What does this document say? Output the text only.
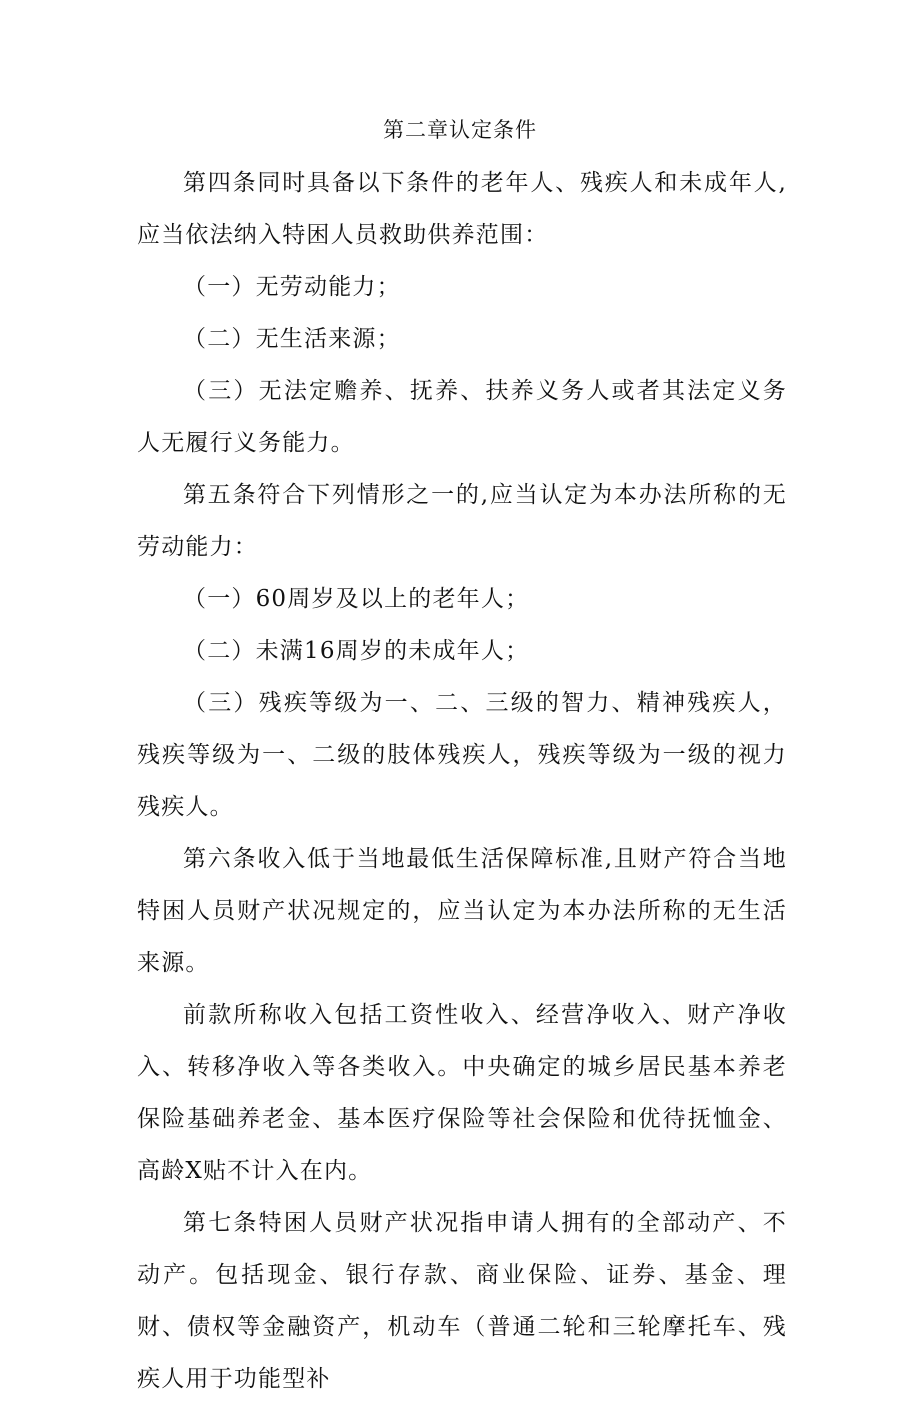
第二章认定条件

第四条同时具备以下条件的老年人、残疾人和未成年人,应当依法纳入特困人员救助供养范围：

（一）无劳动能力；

（二）无生活来源；

（三）无法定赡养、抚养、扶养义务人或者其法定义务人无履行义务能力。

第五条符合下列情形之一的,应当认定为本办法所称的无劳动能力：

（一）60周岁及以上的老年人；

（二）未满16周岁的未成年人；

（三）残疾等级为一、二、三级的智力、精神残疾人，残疾等级为一、二级的肢体残疾人，残疾等级为一级的视力残疾人。

第六条收入低于当地最低生活保障标准,且财产符合当地特困人员财产状况规定的，应当认定为本办法所称的无生活来源。

前款所称收入包括工资性收入、经营净收入、财产净收入、转移净收入等各类收入。中央确定的城乡居民基本养老保险基础养老金、基本医疗保险等社会保险和优待抚恤金、高龄X贴不计入在内。

第七条特困人员财产状况指申请人拥有的全部动产、不动产。包括现金、银行存款、商业保险、证券、基金、理财、债权等金融资产，机动车（普通二轮和三轮摩托车、残疾人用于功能型补
